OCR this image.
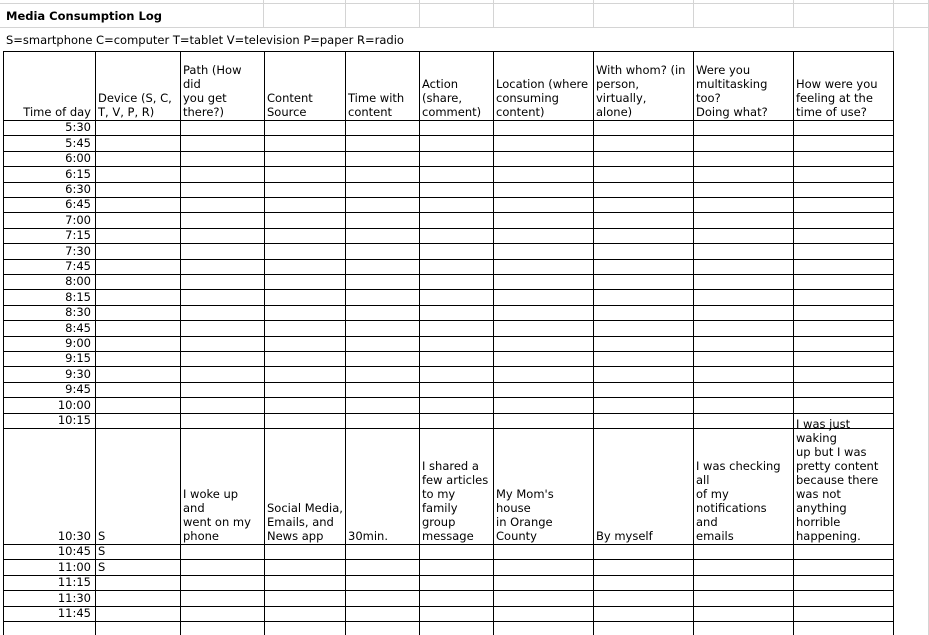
Media Consumption Log
S=smartphone C=computer T=tablet V=television P=paper R=radio
Time of day
Device (S, C,
T, V, P, R)
Path (How did
you get
there?)
Content
Source
Time with
content
Action
(share,
comment)
Location (where
consuming
content)
With whom? (in
person, virtually,
alone)
Were you
multitasking too?
Doing what?
How were you
feeling at the
time of use?
5:30
5:45
6:00
6:15
6:30
6:45
7:00
7:15
7:30
7:45
8:00
8:15
8:30
8:45
9:00
9:15
9:30
9:45
10:00
10:15
10:30 S
I woke up and
went on my
phone
Social Media,
Emails, and
News app	30min.
I shared a
few articles
to my family
group
message
My Mom's house
in Orange County	By myself
I was checking all
of my
notifications and
emails
I was just waking
up but I was
pretty content
because there
was not anything
horrible
happening.
10:45 S
11:00 S
11:15
11:30
11:45
